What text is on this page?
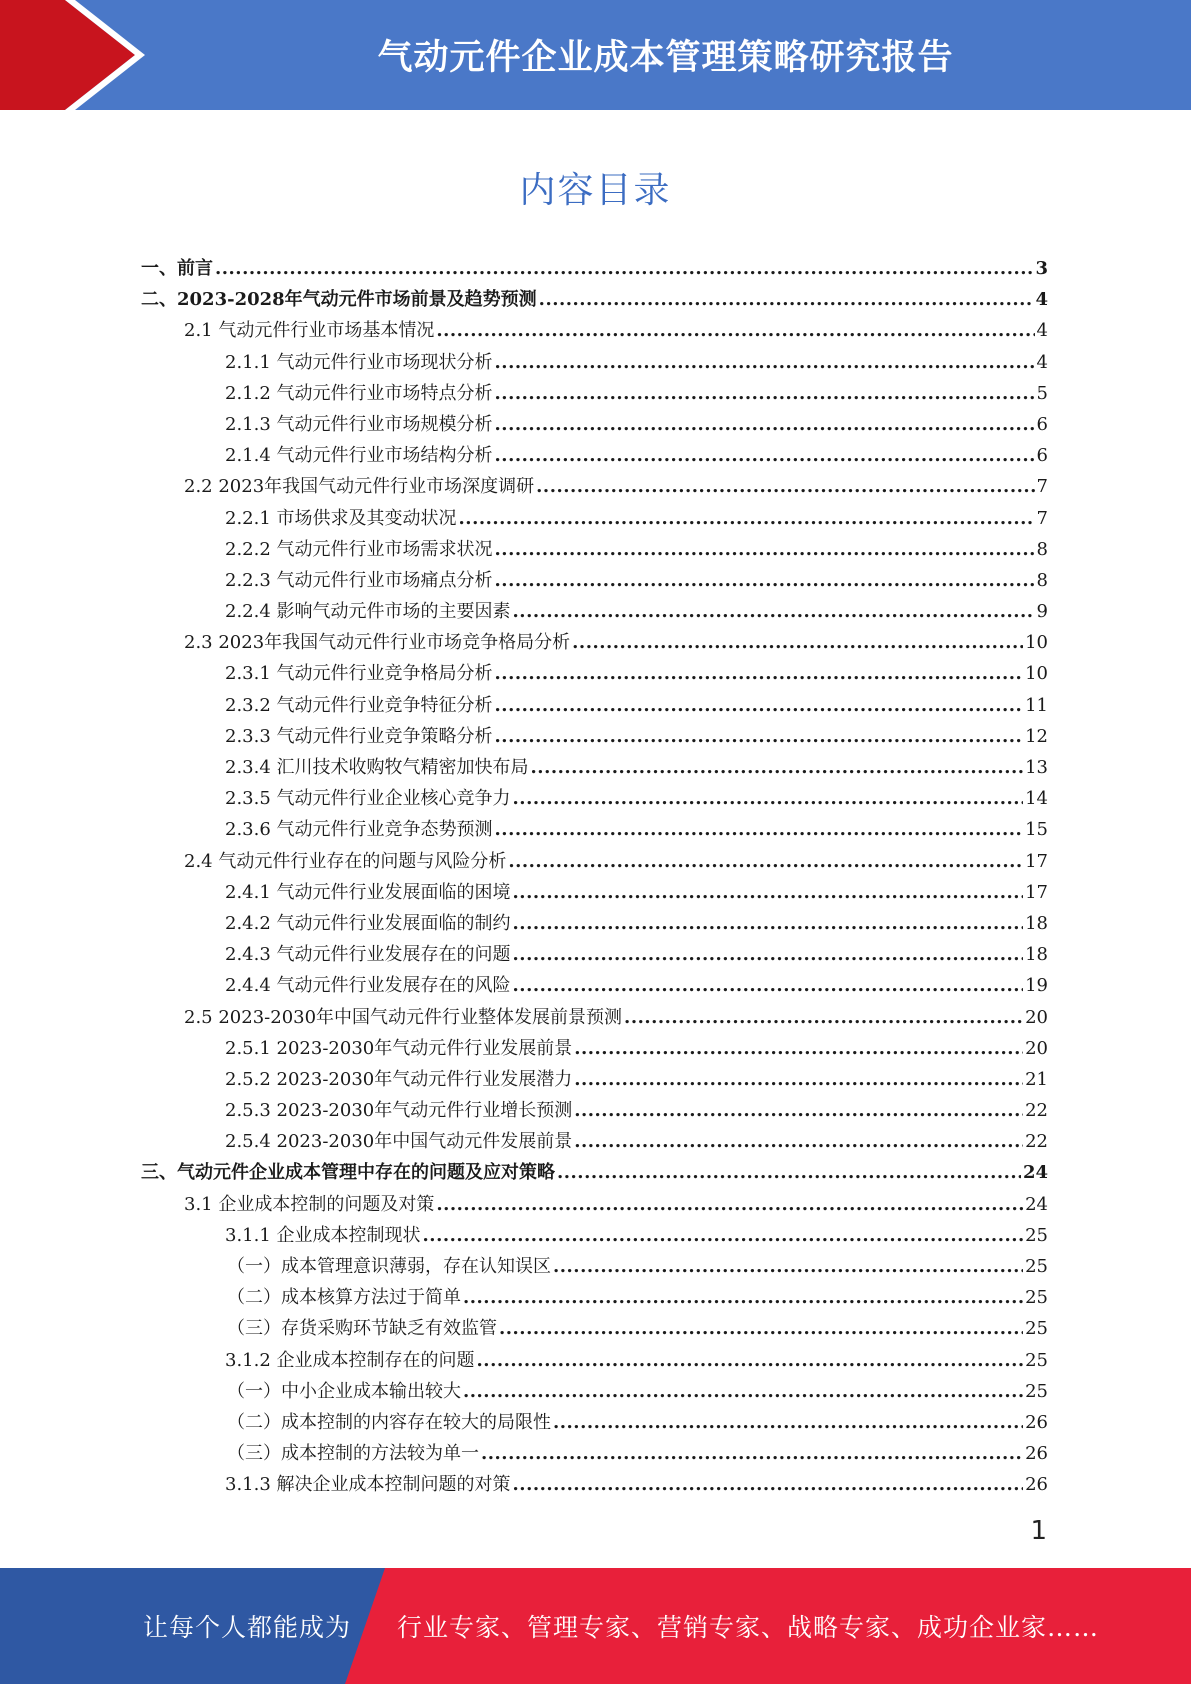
气动元件企业成本管理策略研究报告
内容目录
一、前言 .....	3
二、2023-2028年气动元件市场前景及趋势预测 .....	4
2.1 气动元件行业市场基本情况 .....	4
2.1.1 气动元件行业市场现状分析 .....	4
2.1.2 气动元件行业市场特点分析 .....	5
2.1.3 气动元件行业市场规模分析 .....	6
2.1.4 气动元件行业市场结构分析 .....	6
2.2 2023年我国气动元件行业市场深度调研 .....	7
2.2.1 市场供求及其变动状况 .....	7
2.2.2 气动元件行业市场需求状况 .....	8
2.2.3 气动元件行业市场痛点分析 .....	8
2.2.4 影响气动元件市场的主要因素 .....	9
2.3 2023年我国气动元件行业市场竞争格局分析 .....	10
2.3.1 气动元件行业竞争格局分析 .....	10
2.3.2 气动元件行业竞争特征分析 .....	11
2.3.3 气动元件行业竞争策略分析 .....	12
2.3.4 汇川技术收购牧气精密加快布局 .....	13
2.3.5 气动元件行业企业核心竞争力 .....	14
2.3.6 气动元件行业竞争态势预测 .....	15
2.4 气动元件行业存在的问题与风险分析 .....	17
2.4.1 气动元件行业发展面临的困境 .....	17
2.4.2 气动元件行业发展面临的制约 .....	18
2.4.3 气动元件行业发展存在的问题 .....	18
2.4.4 气动元件行业发展存在的风险 .....	19
2.5 2023-2030年中国气动元件行业整体发展前景预测 .....	20
2.5.1 2023-2030年气动元件行业发展前景 .....	20
2.5.2 2023-2030年气动元件行业发展潜力 .....	21
2.5.3 2023-2030年气动元件行业增长预测 .....	22
2.5.4 2023-2030年中国气动元件发展前景 .....	22
三、气动元件企业成本管理中存在的问题及应对策略 .....	24
3.1 企业成本控制的问题及对策 .....	24
3.1.1 企业成本控制现状 .....	25
（一）成本管理意识薄弱，存在认知误区 .....	25
（二）成本核算方法过于简单 .....	25
（三）存货采购环节缺乏有效监管 .....	25
3.1.2 企业成本控制存在的问题 .....	25
（一）中小企业成本输出较大 .....	25
（二）成本控制的内容存在较大的局限性 .....	26
（三）成本控制的方法较为单一 .....	26
3.1.3 解决企业成本控制问题的对策 .....	26
1
让每个人都能成为 行业专家、管理专家、营销专家、战略专家、成功企业家……
